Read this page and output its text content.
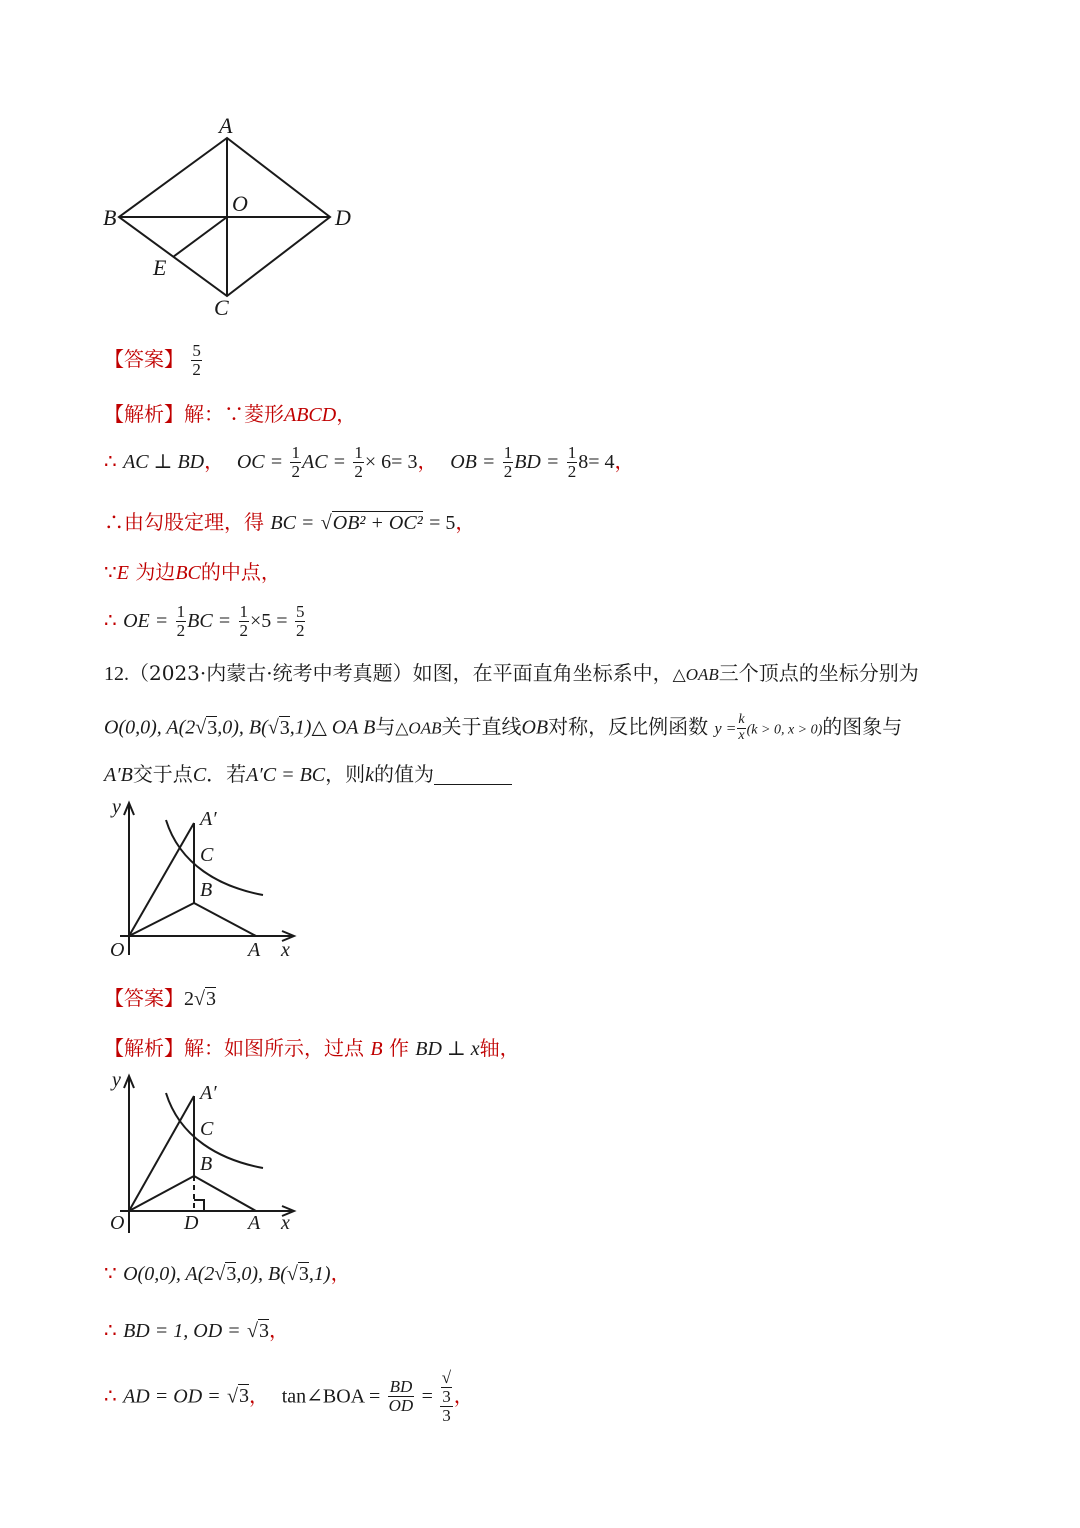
A
B
O
D
E
C
【答案】 $\frac{5}{2}$
【解析】解：∵菱形ABCD，
∴ AC ⊥ BD， OC = $\frac{1}{2}$ AC = $\frac{1}{2} \times 6= 3$， OB = $\frac{1}{2}$ BD = $\frac{1}{2} 8= 4$，
∴由勾股定理，得 BC = √OB² + OC² = 5，
∵E 为边BC的中点，
∴ OE = $\frac{1}{2}$ BC = $\frac{1}{2} \times 5 = \frac{5}{2}$
12.（2023·内蒙古·统考中考真题）如图，在平面直角坐标系中，△OAB三个顶点的坐标分别为
O(0,0), A(2√3,0), B(√3,1)△ OA B与△OAB关于直线OB对称，反比例函数 $y = \frac{k}{x} (k > 0$, x > 0)的图象与
A′B交于点C．若A′C = BC，则k的值为
y
A′
C
B
O	A x
【答案】2√3
【解析】解：如图所示，过点 B 作 BD ⊥ x轴，
y
A′
C
B
O	D A x
∵ O(0,0), A(2√3,0), B(√3,1)，
∴ BD = 1, OD = √3，
∴ AD = OD = √3， tan∠BOA = $\frac{BD}{OD}$ = √
3
3 ，
